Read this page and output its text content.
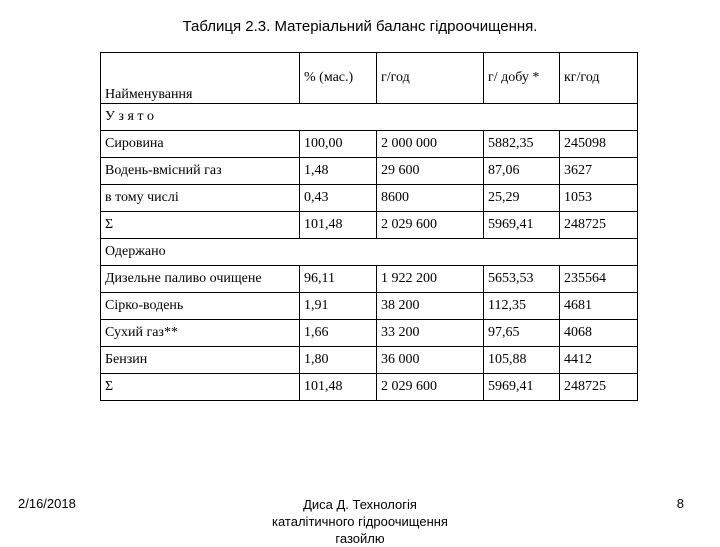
Таблиця 2.3. Матеріальний баланс гідроочищення.
Найменування	% (мас.)	г/год	г/ добу *	кг/год
У з я т о				
Сировина	100,00	2 000 000	5882,35	245098
Водень-вмісний газ	1,48	29 600	87,06	3627
в тому числі	0,43	8600	25,29	1053
Σ	101,48	2 029 600	5969,41	248725
Одержано				
Дизельне паливо очищене	96,11	1 922 200	5653,53	235564
Сірко-водень	1,91	38 200	112,35	4681
Сухий газ**	1,66	33 200	97,65	4068
Бензин	1,80	36 000	105,88	4412
Σ	101,48	2 029 600	5969,41	248725
2/16/2018	Диса Д. Технологія
каталітичного гідроочищення
газойлю
8
